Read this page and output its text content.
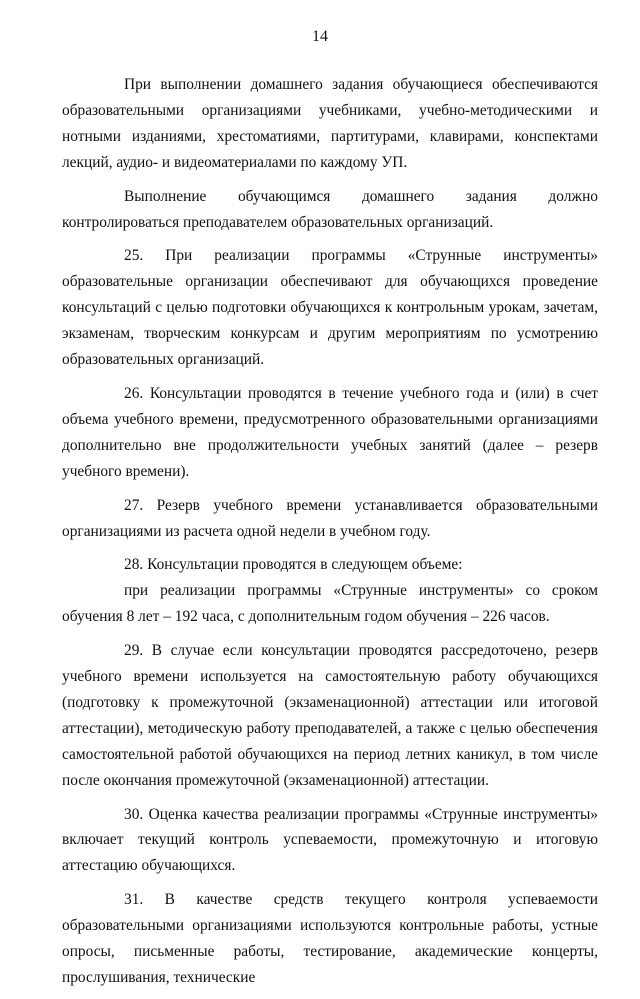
14

При выполнении домашнего задания обучающиеся обеспечиваются образовательными организациями учебниками, учебно-методическими и нотными изданиями, хрестоматиями, партитурами, клавирами, конспектами лекций, аудио- и видеоматериалами по каждому УП.

Выполнение обучающимся домашнего задания должно контролироваться преподавателем образовательных организаций.

25. При реализации программы «Струнные инструменты» образовательные организации обеспечивают для обучающихся проведение консультаций с целью подготовки обучающихся к контрольным урокам, зачетам, экзаменам, творческим конкурсам и другим мероприятиям по усмотрению образовательных организаций.

26. Консультации проводятся в течение учебного года и (или) в счет объема учебного времени, предусмотренного образовательными организациями дополнительно вне продолжительности учебных занятий (далее – резерв учебного времени).

27. Резерв учебного времени устанавливается образовательными организациями из расчета одной недели в учебном году.

28. Консультации проводятся в следующем объеме:

при реализации программы «Струнные инструменты» со сроком обучения 8 лет – 192 часа, с дополнительным годом обучения – 226 часов.

29. В случае если консультации проводятся рассредоточено, резерв учебного времени используется на самостоятельную работу обучающихся (подготовку к промежуточной (экзаменационной) аттестации или итоговой аттестации), методическую работу преподавателей, а также с целью обеспечения самостоятельной работой обучающихся на период летних каникул, в том числе после окончания промежуточной (экзаменационной) аттестации.

30. Оценка качества реализации программы «Струнные инструменты» включает текущий контроль успеваемости, промежуточную и итоговую аттестацию обучающихся.

31. В качестве средств текущего контроля успеваемости образовательными организациями используются контрольные работы, устные опросы, письменные работы, тестирование, академические концерты, прослушивания, технические
